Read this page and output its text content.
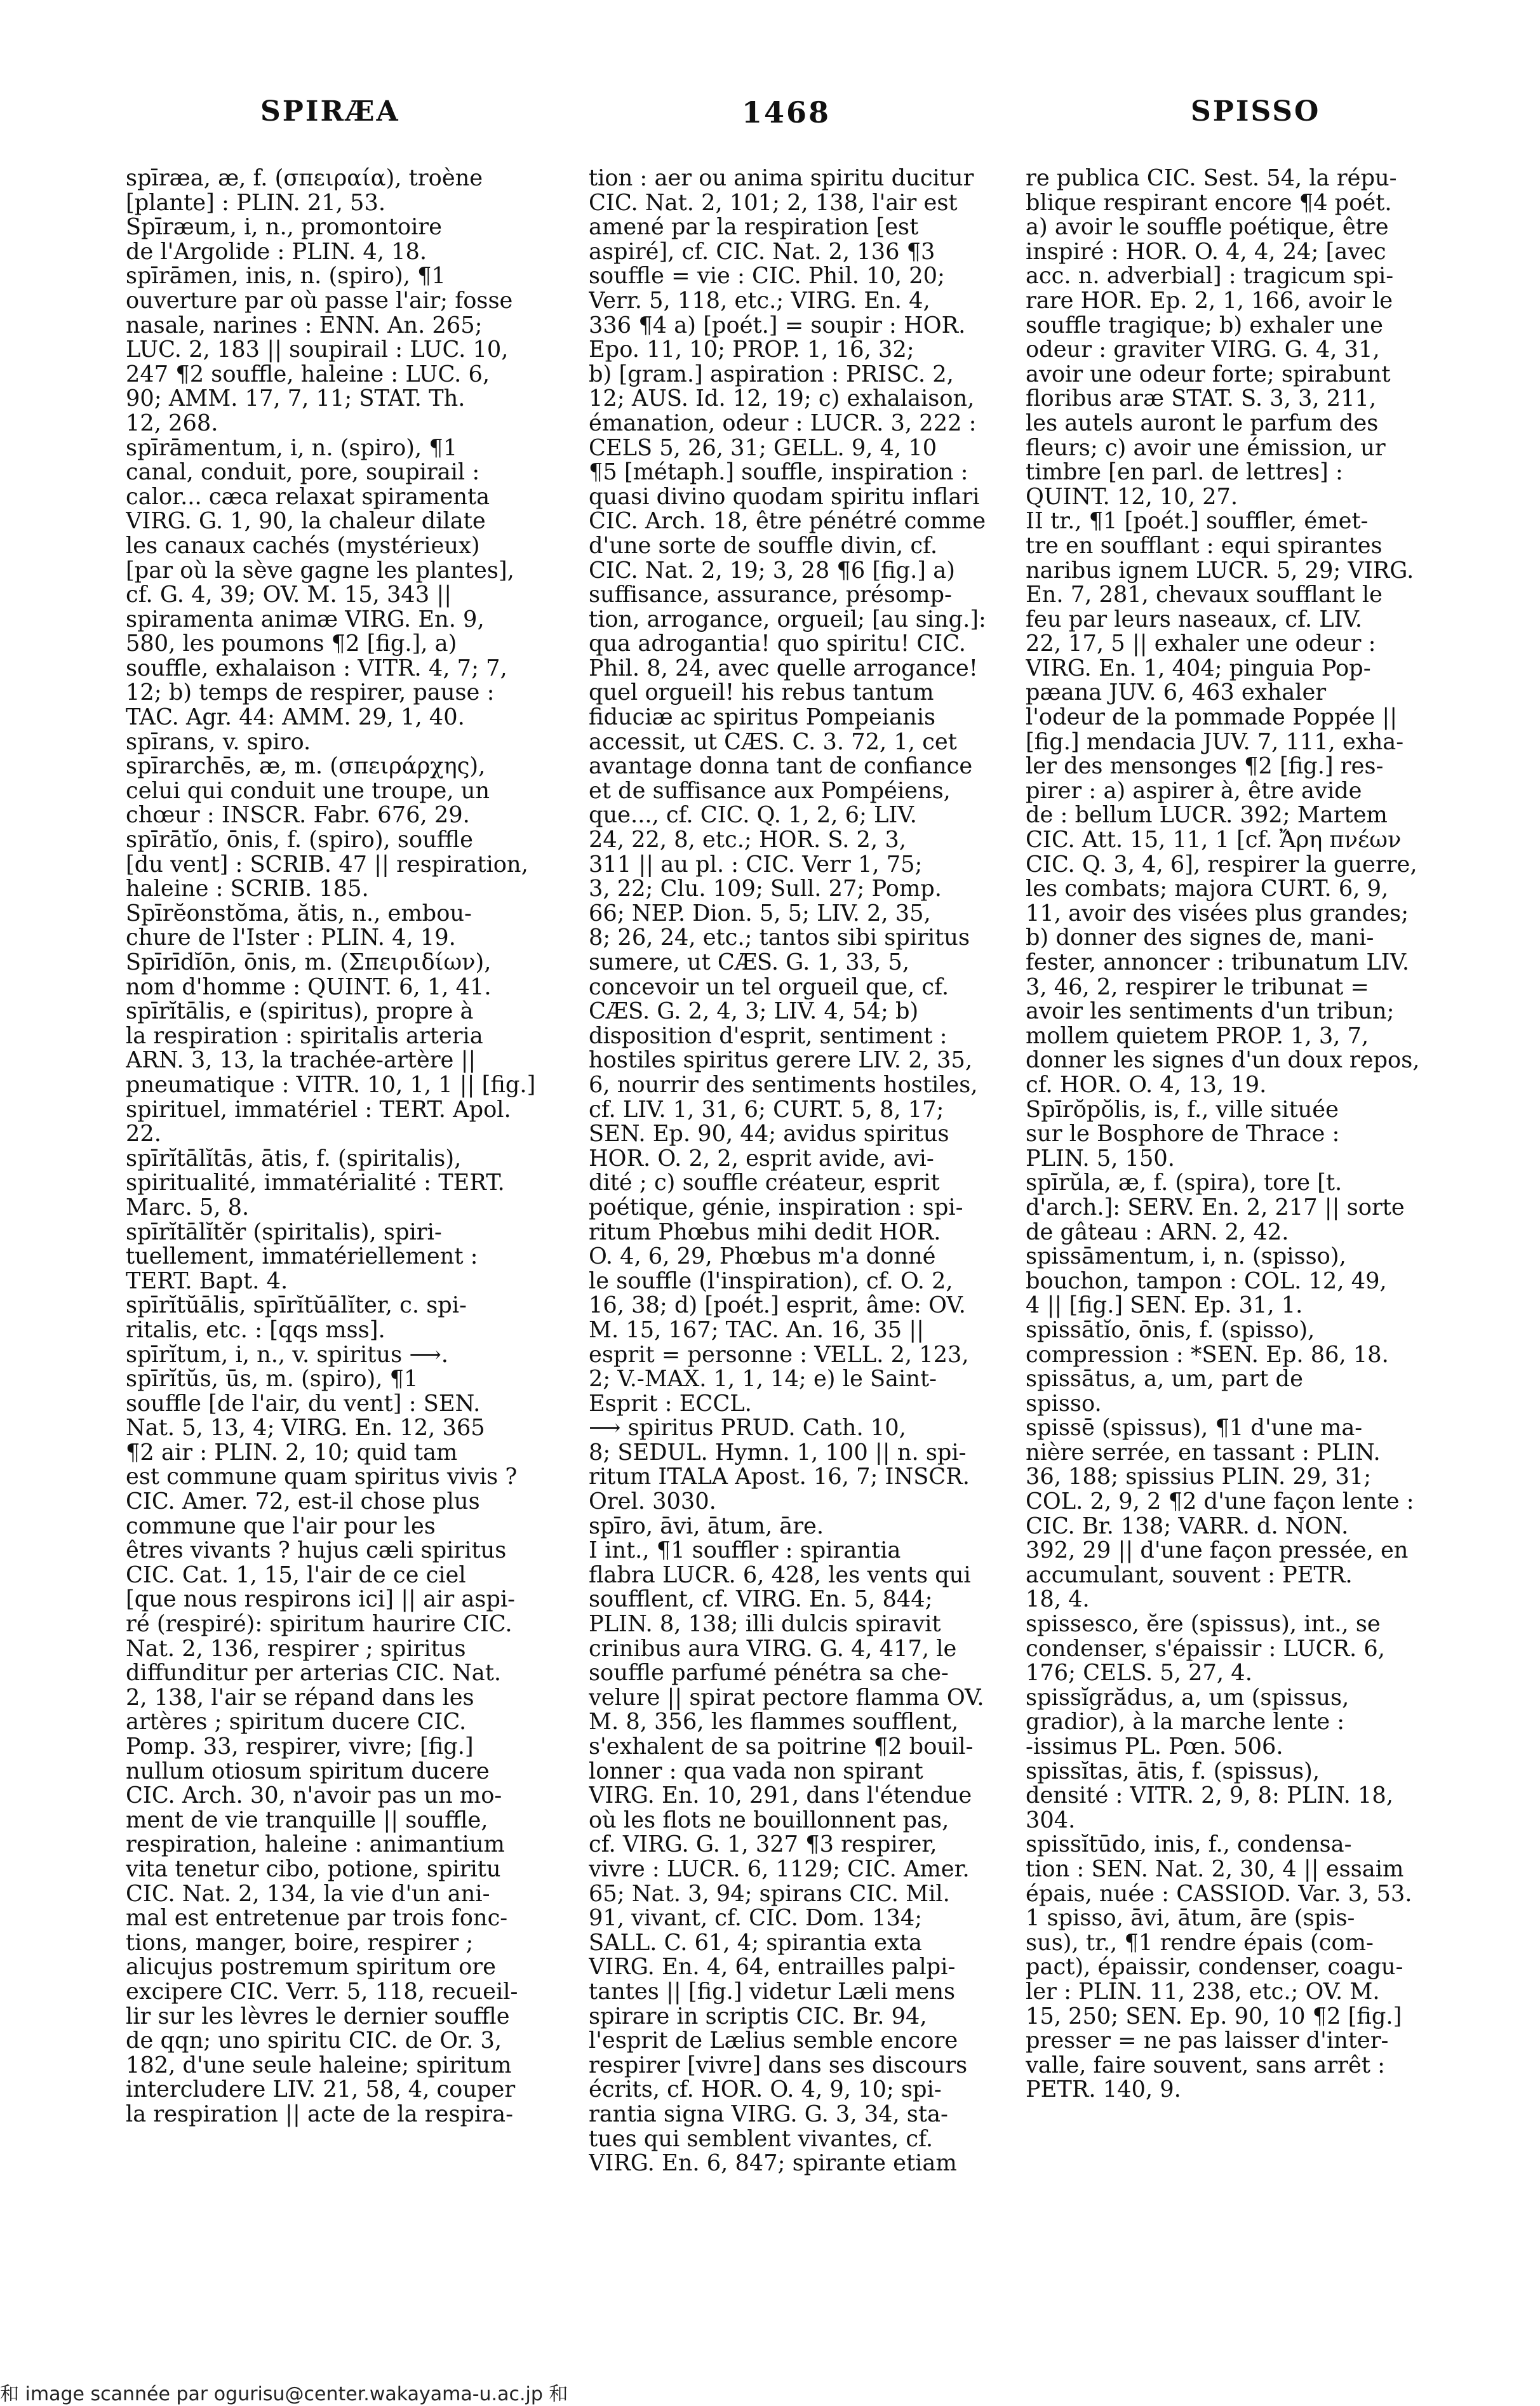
SPIRÆA	1468	SPISSO
spīræa, æ, f. (σπειραία), troène
[plante] : PLIN. 21, 53.
Spīræum, i, n., promontoire
de l'Argolide : PLIN. 4, 18.
spīrāmen, inis, n. (spiro), ¶1
ouverture par où passe l'air; fosse
nasale, narines : ENN. An. 265;
LUC. 2, 183 || soupirail : LUC. 10,
247 ¶2 souffle, haleine : LUC. 6,
90; AMM. 17, 7, 11; STAT. Th.
12, 268.
spīrāmentum, i, n. (spiro), ¶1
canal, conduit, pore, soupirail :
calor... cæca relaxat spiramenta
VIRG. G. 1, 90, la chaleur dilate
les canaux cachés (mystérieux)
[par où la sève gagne les plantes],
cf. G. 4, 39; OV. M. 15, 343 ||
spiramenta animæ VIRG. En. 9,
580, les poumons ¶2 [fig.], a)
souffle, exhalaison : VITR. 4, 7; 7,
12; b) temps de respirer, pause :
TAC. Agr. 44: AMM. 29, 1, 40.
spīrans, v. spiro.
spīrarchēs, æ, m. (σπειράρχης),
celui qui conduit une troupe, un
chœur : INSCR. Fabr. 676, 29.
spīrātĭo, ōnis, f. (spiro), souffle
[du vent] : SCRIB. 47 || respiration,
haleine : SCRIB. 185.
Spīrĕonstŏma, ătis, n., embou-
chure de l'Ister : PLIN. 4, 19.
Spīrīdĭōn, ōnis, m. (Σπειριδίων),
nom d'homme : QUINT. 6, 1, 41.
spīrĭtālis, e (spiritus), propre à
la respiration : spiritalis arteria
ARN. 3, 13, la trachée-artère ||
pneumatique : VITR. 10, 1, 1 || [fig.]
spirituel, immatériel : TERT. Apol.
22.
spīrĭtālĭtās, ātis, f. (spiritalis),
spiritualité, immatérialité : TERT.
Marc. 5, 8.
spīrĭtālĭtĕr (spiritalis), spiri-
tuellement, immatériellement :
TERT. Bapt. 4.
spīrĭtŭālis, spīrĭtŭālĭter, c. spi-
ritalis, etc. : [qqs mss].
spīrĭtum, i, n., v. spiritus ⟶.
spīrĭtŭs, ūs, m. (spiro), ¶1
souffle [de l'air, du vent] : SEN.
Nat. 5, 13, 4; VIRG. En. 12, 365
¶2 air : PLIN. 2, 10; quid tam
est commune quam spiritus vivis ?
CIC. Amer. 72, est-il chose plus
commune que l'air pour les
êtres vivants ? hujus cæli spiritus
CIC. Cat. 1, 15, l'air de ce ciel
[que nous respirons ici] || air aspi-
ré (respiré): spiritum haurire CIC.
Nat. 2, 136, respirer ; spiritus
diffunditur per arterias CIC. Nat.
2, 138, l'air se répand dans les
artères ; spiritum ducere CIC.
Pomp. 33, respirer, vivre; [fig.]
nullum otiosum spiritum ducere
CIC. Arch. 30, n'avoir pas un mo-
ment de vie tranquille || souffle,
respiration, haleine : animantium
vita tenetur cibo, potione, spiritu
CIC. Nat. 2, 134, la vie d'un ani-
mal est entretenue par trois fonc-
tions, manger, boire, respirer ;
alicujus postremum spiritum ore
excipere CIC. Verr. 5, 118, recueil-
lir sur les lèvres le dernier souffle
de qqn; uno spiritu CIC. de Or. 3,
182, d'une seule haleine; spiritum
intercludere LIV. 21, 58, 4, couper
la respiration || acte de la respira-
tion : aer ou anima spiritu ducitur
CIC. Nat. 2, 101; 2, 138, l'air est
amené par la respiration [est
aspiré], cf. CIC. Nat. 2, 136 ¶3
souffle = vie : CIC. Phil. 10, 20;
Verr. 5, 118, etc.; VIRG. En. 4,
336 ¶4 a) [poét.] = soupir : HOR.
Epo. 11, 10; PROP. 1, 16, 32;
b) [gram.] aspiration : PRISC. 2,
12; AUS. Id. 12, 19; c) exhalaison,
émanation, odeur : LUCR. 3, 222 :
CELS 5, 26, 31; GELL. 9, 4, 10
¶5 [métaph.] souffle, inspiration :
quasi divino quodam spiritu inflari
CIC. Arch. 18, être pénétré comme
d'une sorte de souffle divin, cf.
CIC. Nat. 2, 19; 3, 28 ¶6 [fig.] a)
suffisance, assurance, présomp-
tion, arrogance, orgueil; [au sing.]:
qua adrogantia! quo spiritu! CIC.
Phil. 8, 24, avec quelle arrogance!
quel orgueil! his rebus tantum
fiduciæ ac spiritus Pompeianis
accessit, ut CÆS. C. 3. 72, 1, cet
avantage donna tant de confiance
et de suffisance aux Pompéiens,
que..., cf. CIC. Q. 1, 2, 6; LIV.
24, 22, 8, etc.; HOR. S. 2, 3,
311 || au pl. : CIC. Verr 1, 75;
3, 22; Clu. 109; Sull. 27; Pomp.
66; NEP. Dion. 5, 5; LIV. 2, 35,
8; 26, 24, etc.; tantos sibi spiritus
sumere, ut CÆS. G. 1, 33, 5,
concevoir un tel orgueil que, cf.
CÆS. G. 2, 4, 3; LIV. 4, 54; b)
disposition d'esprit, sentiment :
hostiles spiritus gerere LIV. 2, 35,
6, nourrir des sentiments hostiles,
cf. LIV. 1, 31, 6; CURT. 5, 8, 17;
SEN. Ep. 90, 44; avidus spiritus
HOR. O. 2, 2, esprit avide, avi-
dité ; c) souffle créateur, esprit
poétique, génie, inspiration : spi-
ritum Phœbus mihi dedit HOR.
O. 4, 6, 29, Phœbus m'a donné
le souffle (l'inspiration), cf. O. 2,
16, 38; d) [poét.] esprit, âme: OV.
M. 15, 167; TAC. An. 16, 35 ||
esprit = personne : VELL. 2, 123,
2; V.-MAX. 1, 1, 14; e) le Saint-
Esprit : ECCL.
⟶ spiritus PRUD. Cath. 10,
8; SEDUL. Hymn. 1, 100 || n. spi-
ritum ITALA Apost. 16, 7; INSCR.
Orel. 3030.
spīro, āvi, ātum, āre.
I int., ¶1 souffler : spirantia
flabra LUCR. 6, 428, les vents qui
soufflent, cf. VIRG. En. 5, 844;
PLIN. 8, 138; illi dulcis spiravit
crinibus aura VIRG. G. 4, 417, le
souffle parfumé pénétra sa che-
velure || spirat pectore flamma OV.
M. 8, 356, les flammes soufflent,
s'exhalent de sa poitrine ¶2 bouil-
lonner : qua vada non spirant
VIRG. En. 10, 291, dans l'étendue
où les flots ne bouillonnent pas,
cf. VIRG. G. 1, 327 ¶3 respirer,
vivre : LUCR. 6, 1129; CIC. Amer.
65; Nat. 3, 94; spirans CIC. Mil.
91, vivant, cf. CIC. Dom. 134;
SALL. C. 61, 4; spirantia exta
VIRG. En. 4, 64, entrailles palpi-
tantes || [fig.] videtur Læli mens
spirare in scriptis CIC. Br. 94,
l'esprit de Lælius semble encore
respirer [vivre] dans ses discours
écrits, cf. HOR. O. 4, 9, 10; spi-
rantia signa VIRG. G. 3, 34, sta-
tues qui semblent vivantes, cf.
VIRG. En. 6, 847; spirante etiam
re publica CIC. Sest. 54, la répu-
blique respirant encore ¶4 poét.
a) avoir le souffle poétique, être
inspiré : HOR. O. 4, 4, 24; [avec
acc. n. adverbial] : tragicum spi-
rare HOR. Ep. 2, 1, 166, avoir le
souffle tragique; b) exhaler une
odeur : graviter VIRG. G. 4, 31,
avoir une odeur forte; spirabunt
floribus aræ STAT. S. 3, 3, 211,
les autels auront le parfum des
fleurs; c) avoir une émission, ur
timbre [en parl. de lettres] :
QUINT. 12, 10, 27.
II tr., ¶1 [poét.] souffler, émet-
tre en soufflant : equi spirantes
naribus ignem LUCR. 5, 29; VIRG.
En. 7, 281, chevaux soufflant le
feu par leurs naseaux, cf. LIV.
22, 17, 5 || exhaler une odeur :
VIRG. En. 1, 404; pinguia Pop-
pæana JUV. 6, 463 exhaler
l'odeur de la pommade Poppée ||
[fig.] mendacia JUV. 7, 111, exha-
ler des mensonges ¶2 [fig.] res-
pirer : a) aspirer à, être avide
de : bellum LUCR. 392; Martem
CIC. Att. 15, 11, 1 [cf. Ἄρη πνέων
CIC. Q. 3, 4, 6], respirer la guerre,
les combats; majora CURT. 6, 9,
11, avoir des visées plus grandes;
b) donner des signes de, mani-
fester, annoncer : tribunatum LIV.
3, 46, 2, respirer le tribunat =
avoir les sentiments d'un tribun;
mollem quietem PROP. 1, 3, 7,
donner les signes d'un doux repos,
cf. HOR. O. 4, 13, 19.
Spīrŏpŏlis, is, f., ville située
sur le Bosphore de Thrace :
PLIN. 5, 150.
spīrŭla, æ, f. (spira), tore [t.
d'arch.]: SERV. En. 2, 217 || sorte
de gâteau : ARN. 2, 42.
spissāmentum, i, n. (spisso),
bouchon, tampon : COL. 12, 49,
4 || [fig.] SEN. Ep. 31, 1.
spissātĭo, ōnis, f. (spisso),
compression : *SEN. Ep. 86, 18.
spissātus, a, um, part de
spisso.
spissē (spissus), ¶1 d'une ma-
nière serrée, en tassant : PLIN.
36, 188; spissius PLIN. 29, 31;
COL. 2, 9, 2 ¶2 d'une façon lente :
CIC. Br. 138; VARR. d. NON.
392, 29 || d'une façon pressée, en
accumulant, souvent : PETR.
18, 4.
spissesco, ĕre (spissus), int., se
condenser, s'épaissir : LUCR. 6,
176; CELS. 5, 27, 4.
spissĭgrădus, a, um (spissus,
gradior), à la marche lente :
-issimus PL. Pœn. 506.
spissĭtas, ātis, f. (spissus),
densité : VITR. 2, 9, 8: PLIN. 18,
304.
spissĭtūdo, inis, f., condensa-
tion : SEN. Nat. 2, 30, 4 || essaim
épais, nuée : CASSIOD. Var. 3, 53.
1 spisso, āvi, ātum, āre (spis-
sus), tr., ¶1 rendre épais (com-
pact), épaissir, condenser, coagu-
ler : PLIN. 11, 238, etc.; OV. M.
15, 250; SEN. Ep. 90, 10 ¶2 [fig.]
presser = ne pas laisser d'inter-
valle, faire souvent, sans arrêt :
PETR. 140, 9.
和 image scannée par ogurisu@center.wakayama-u.ac.jp 和
